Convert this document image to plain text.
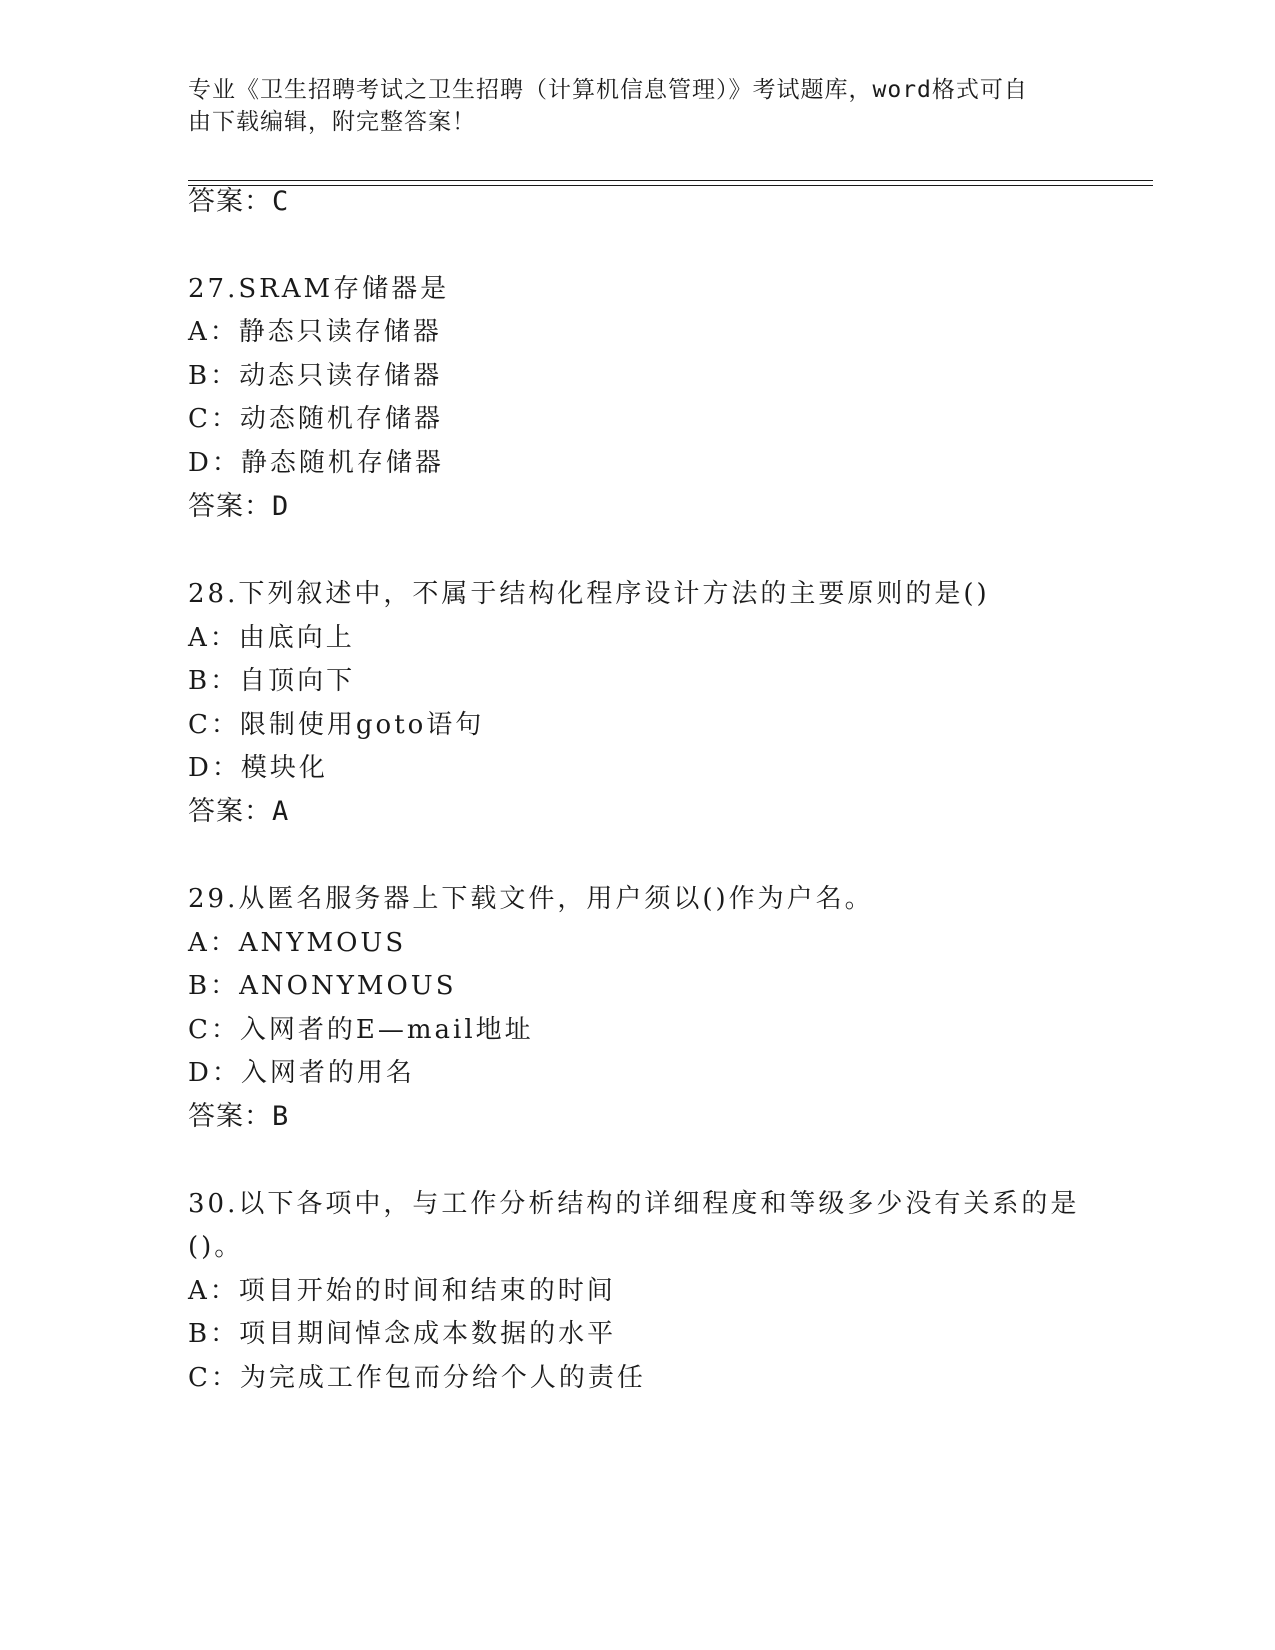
专业《卫生招聘考试之卫生招聘（计算机信息管理）》考试题库，word格式可自
由下载编辑，附完整答案！
答案：C
27.SRAM存储器是
A：静态只读存储器
B：动态只读存储器
C：动态随机存储器
D：静态随机存储器
答案：D
28.下列叙述中，不属于结构化程序设计方法的主要原则的是()
A：由底向上
B：自顶向下
C：限制使用goto语句
D：模块化
答案：A
29.从匿名服务器上下载文件，用户须以()作为户名。
A：ANYMOUS
B：ANONYMOUS
C：入网者的E—mail地址
D：入网者的用名
答案：B
30.以下各项中，与工作分析结构的详细程度和等级多少没有关系的是
()。
A：项目开始的时间和结束的时间
B：项目期间悼念成本数据的水平
C：为完成工作包而分给个人的责任
